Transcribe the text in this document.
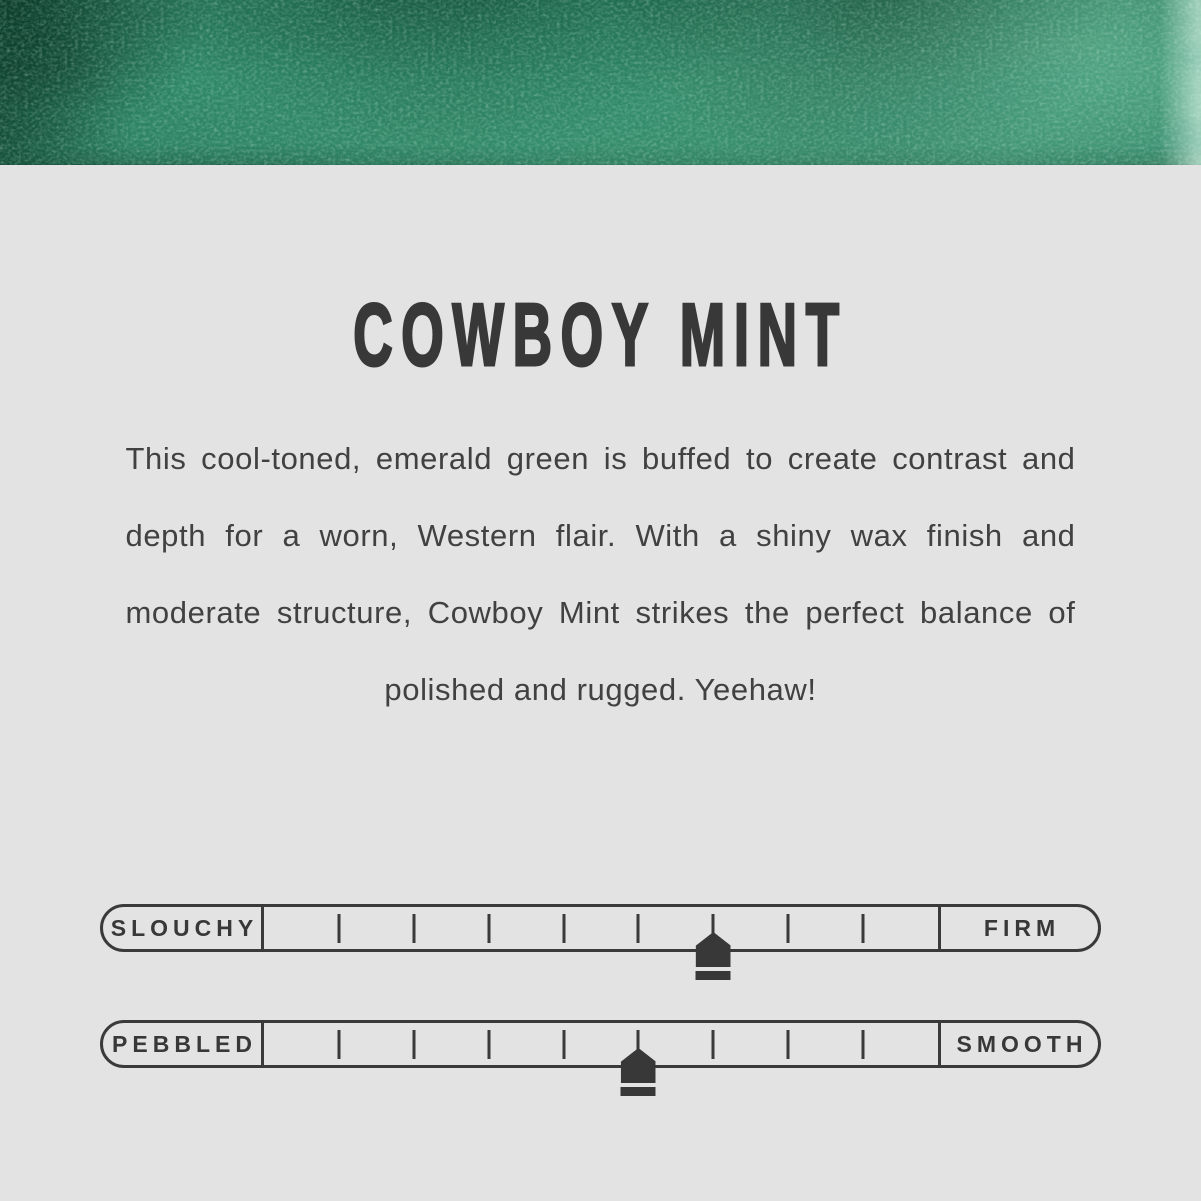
COWBOY MINT

This cool-toned, emerald green is buffed to create contrast and depth for a worn, Western flair. With a shiny wax finish and moderate structure, Cowboy Mint strikes the perfect balance of polished and rugged. Yeehaw!

SLOUCHY	FIRM
PEBBLED	SMOOTH
